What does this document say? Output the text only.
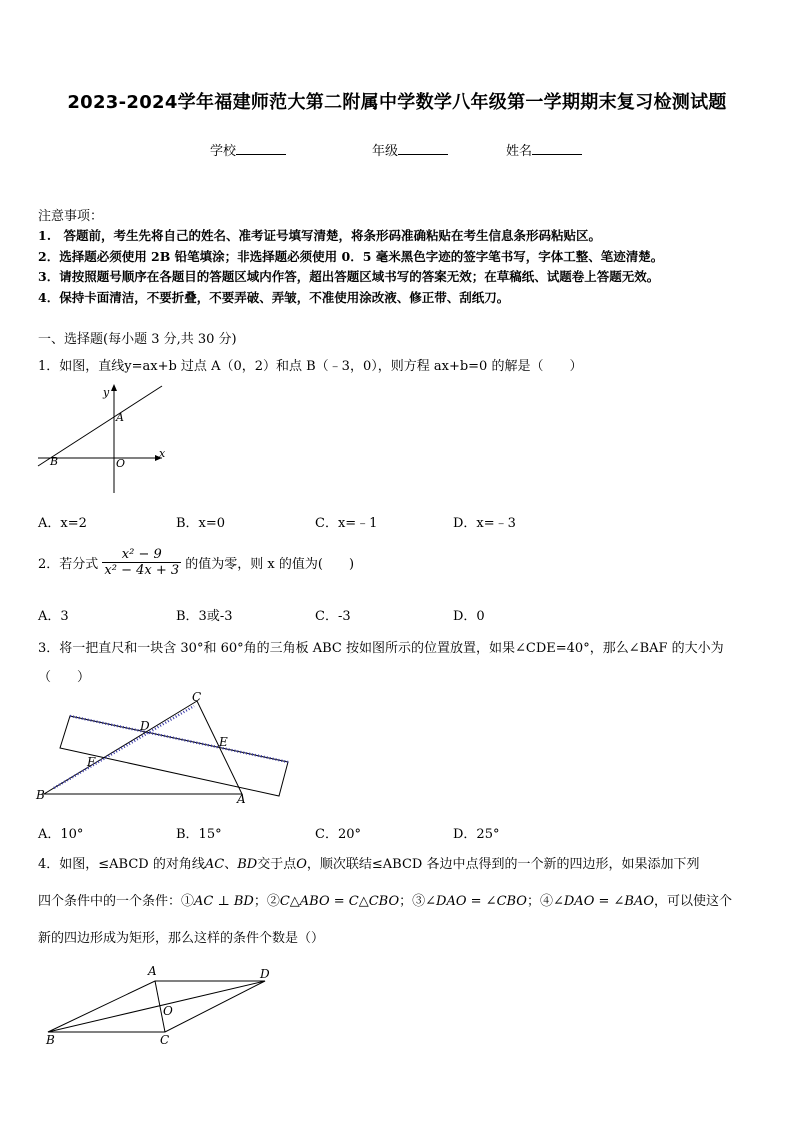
2023-2024学年福建师范大第二附属中学数学八年级第一学期期末复习检测试题
学校	年级	姓名
注意事项：
1.　答题前，考生先将自己的姓名、准考证号填写清楚，将条形码准确粘贴在考生信息条形码粘贴区。
2．选择题必须使用 2B 铅笔填涂；非选择题必须使用 0．5 毫米黑色字迹的签字笔书写，字体工整、笔迹清楚。
3．请按照题号顺序在各题目的答题区域内作答，超出答题区域书写的答案无效；在草稿纸、试题卷上答题无效。
4．保持卡面清洁，不要折叠，不要弄破、弄皱，不准使用涂改液、修正带、刮纸刀。
一、选择题(每小题 3 分,共 30 分)
1．如图，直线y=ax+b 过点 A（0，2）和点 B（﹣3，0），则方程 ax+b=0 的解是（　　）
y
x
A
B	O
A．x=2	B．x=0	C．x=﹣1	D．x=﹣3
2．若分式 $\frac{\text{x² − 9}}{\text{x² − 4x + 3}}$ 的值为零，则 x 的值为(　　)
A．3	B．3或-3	C．-3	D．0
3．将一把直尺和一块含 30°和 60°角的三角板 ABC 按如图所示的位置放置，如果∠CDE=40°，那么∠BAF 的大小为
（　　）
C
D
E
F
B	A
A．10°	B．15°	C．20°	D．25°
4．如图，≤ABCD 的对角线AC、BD交于点O，顺次联结≤ABCD 各边中点得到的一个新的四边形，如果添加下列
四个条件中的一个条件：①AC ⊥ BD；②C△ABO = C△CBO；③∠DAO = ∠CBO；④∠DAO = ∠BAO，可以使这个
新的四边形成为矩形，那么这样的条件个数是（）
A	D
O
B	C
